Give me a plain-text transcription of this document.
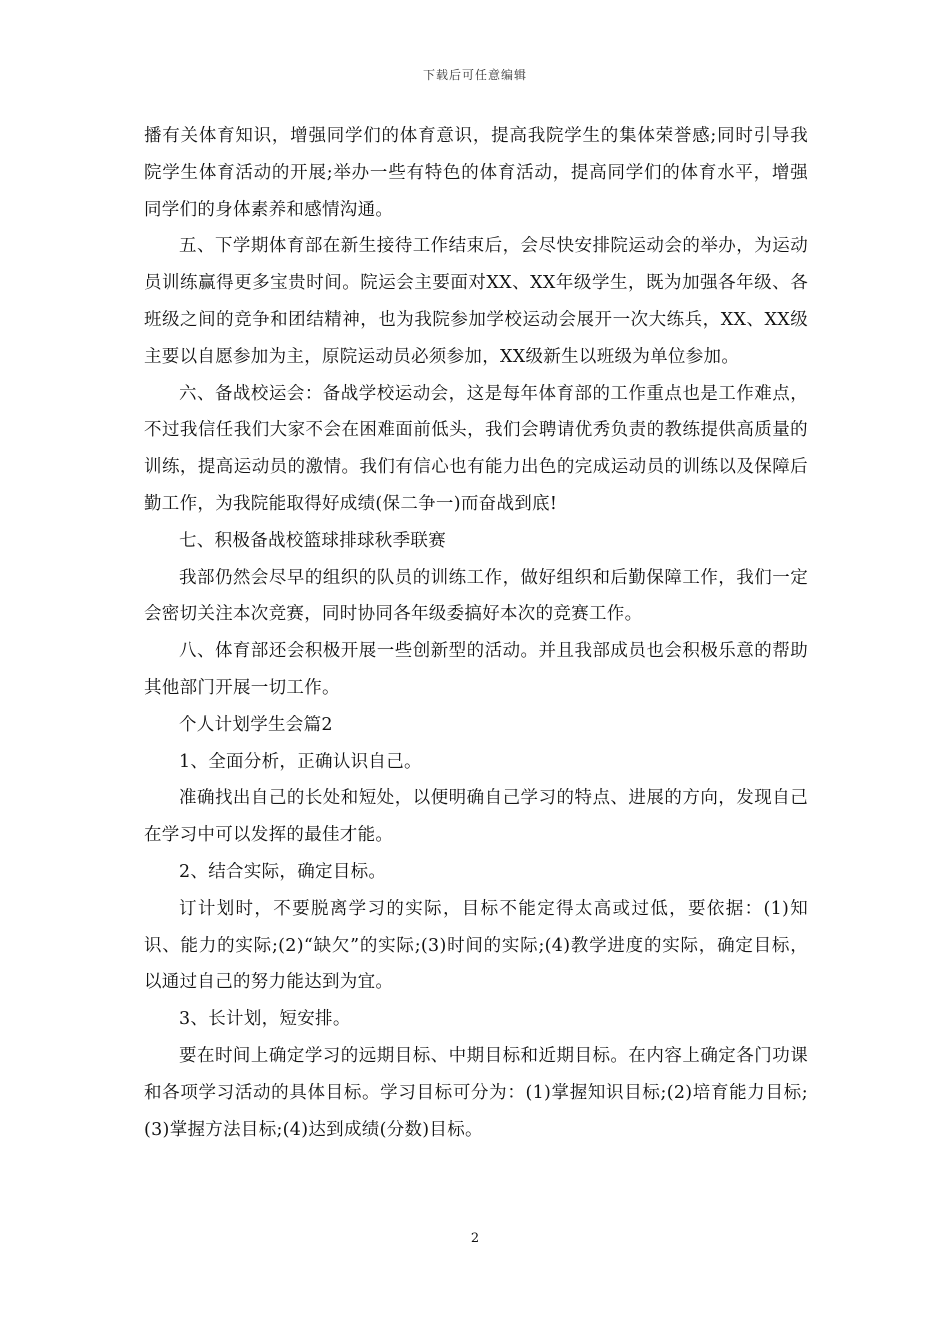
下载后可任意编辑

播有关体育知识，增强同学们的体育意识，提高我院学生的集体荣誉感;同时引导我院学生体育活动的开展;举办一些有特色的体育活动，提高同学们的体育水平，增强同学们的身体素养和感情沟通。

五、下学期体育部在新生接待工作结束后，会尽快安排院运动会的举办，为运动员训练赢得更多宝贵时间。院运会主要面对XX、XX年级学生，既为加强各年级、各班级之间的竞争和团结精神，也为我院参加学校运动会展开一次大练兵，XX、XX级主要以自愿参加为主，原院运动员必须参加，XX级新生以班级为单位参加。

六、备战校运会：备战学校运动会，这是每年体育部的工作重点也是工作难点，不过我信任我们大家不会在困难面前低头，我们会聘请优秀负责的教练提供高质量的训练，提高运动员的激情。我们有信心也有能力出色的完成运动员的训练以及保障后勤工作，为我院能取得好成绩(保二争一)而奋战到底!

七、积极备战校篮球排球秋季联赛

我部仍然会尽早的组织的队员的训练工作，做好组织和后勤保障工作，我们一定会密切关注本次竞赛，同时协同各年级委搞好本次的竞赛工作。

八、体育部还会积极开展一些创新型的活动。并且我部成员也会积极乐意的帮助其他部门开展一切工作。

个人计划学生会篇2

1、全面分析，正确认识自己。

准确找出自己的长处和短处，以便明确自己学习的特点、进展的方向，发现自己在学习中可以发挥的最佳才能。

2、结合实际，确定目标。

订计划时，不要脱离学习的实际，目标不能定得太高或过低，要依据：(1)知识、能力的实际;(2)“缺欠”的实际;(3)时间的实际;(4)教学进度的实际，确定目标，以通过自己的努力能达到为宜。

3、长计划，短安排。

要在时间上确定学习的远期目标、中期目标和近期目标。在内容上确定各门功课和各项学习活动的具体目标。学习目标可分为：(1)掌握知识目标;(2)培育能力目标;(3)掌握方法目标;(4)达到成绩(分数)目标。

2
